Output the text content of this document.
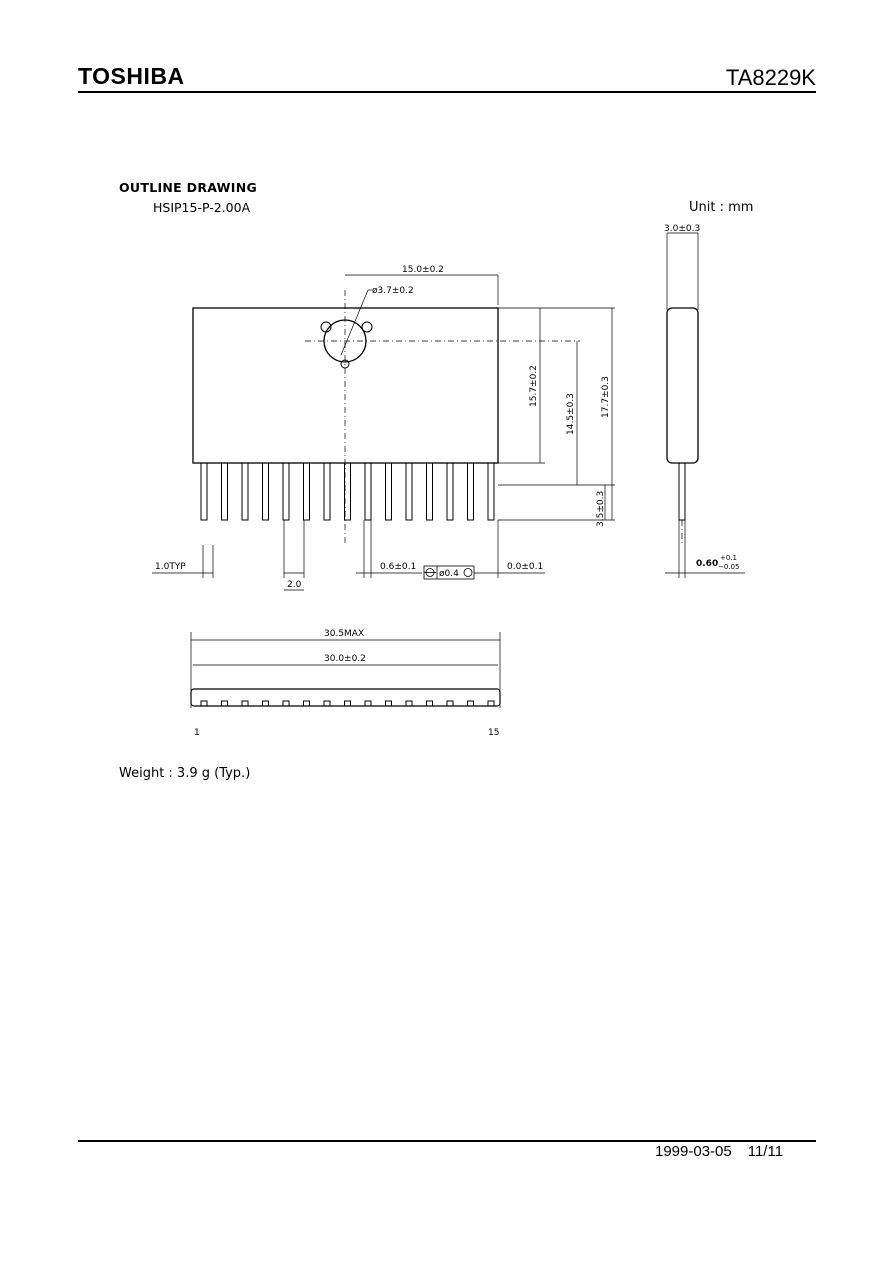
TOSHIBA	TA8229K
OUTLINE DRAWING
HSIP15-P-2.00A	Unit : mm
ø3.7±0.2
15.0±0.2
15.7±0.2
14.5±0.3	17.7±0.3
3.5±0.3
1.0TYP
2.0
0.6±0.1
ø0.4
0.0±0.1
3.0±0.3
0.60
+0.1
−0.05
30.5MAX
30.0±0.2
1	15
Weight : 3.9 g (Typ.)
1999-03-05 11/11
